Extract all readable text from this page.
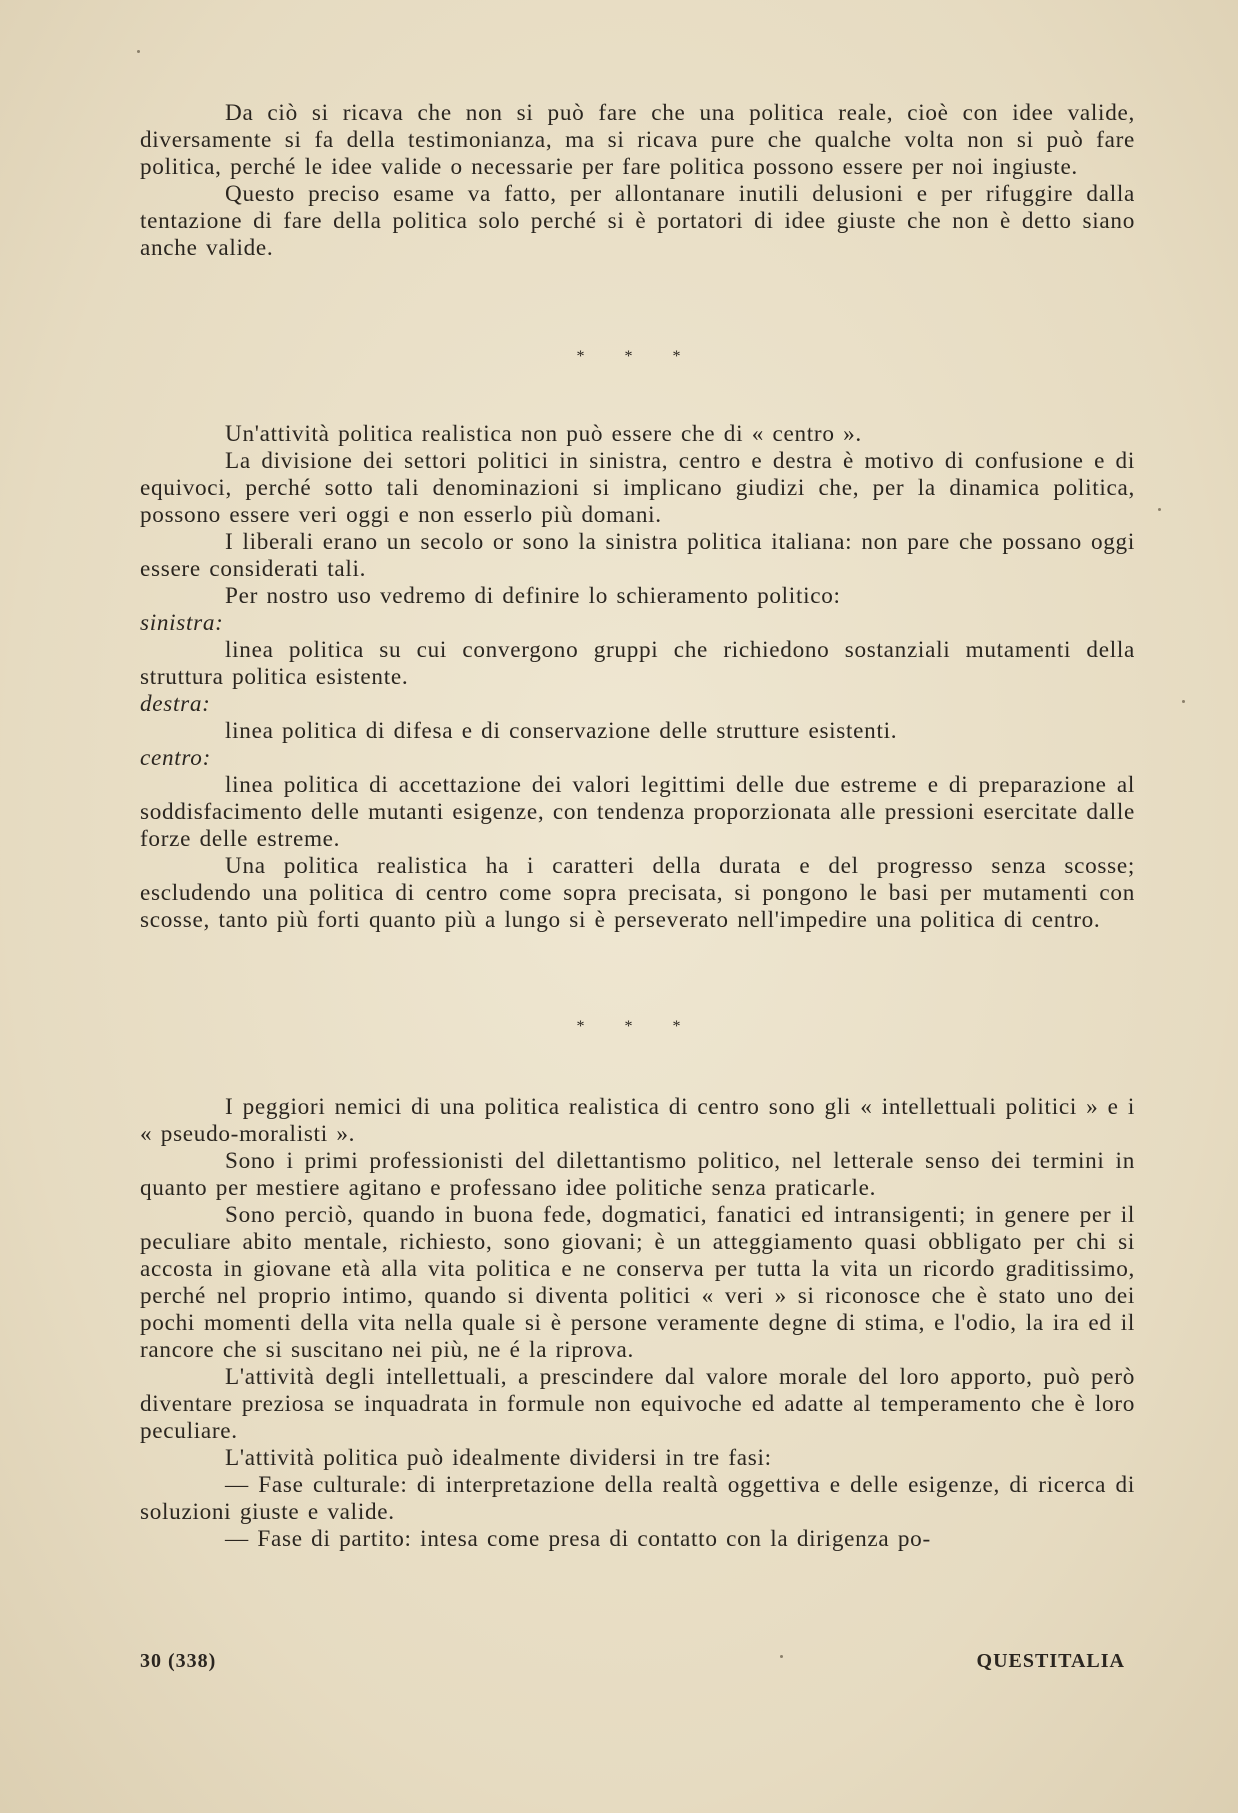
Da ciò si ricava che non si può fare che una politica reale, cioè con idee valide, diversamente si fa della testimonianza, ma si ricava pure che qualche volta non si può fare politica, perché le idee valide o necessarie per fare politica possono essere per noi ingiuste.

Questo preciso esame va fatto, per allontanare inutili delusioni e per rifuggire dalla tentazione di fare della politica solo perché si è portatori di idee giuste che non è detto siano anche valide.

* * *

Un'attività politica realistica non può essere che di « centro ».

La divisione dei settori politici in sinistra, centro e destra è motivo di confusione e di equivoci, perché sotto tali denominazioni si implicano giudizi che, per la dinamica politica, possono essere veri oggi e non esserlo più domani.

I liberali erano un secolo or sono la sinistra politica italiana: non pare che possano oggi essere considerati tali.

Per nostro uso vedremo di definire lo schieramento politico:

sinistra:

linea politica su cui convergono gruppi che richiedono sostanziali mutamenti della struttura politica esistente.

destra:

linea politica di difesa e di conservazione delle strutture esistenti.

centro:

linea politica di accettazione dei valori legittimi delle due estreme e di preparazione al soddisfacimento delle mutanti esigenze, con tendenza proporzionata alle pressioni esercitate dalle forze delle estreme.

Una politica realistica ha i caratteri della durata e del progresso senza scosse; escludendo una politica di centro come sopra precisata, si pongono le basi per mutamenti con scosse, tanto più forti quanto più a lungo si è perseverato nell'impedire una politica di centro.

* * *

I peggiori nemici di una politica realistica di centro sono gli « intellettuali politici » e i « pseudo-moralisti ».

Sono i primi professionisti del dilettantismo politico, nel letterale senso dei termini in quanto per mestiere agitano e professano idee politiche senza praticarle.

Sono perciò, quando in buona fede, dogmatici, fanatici ed intransigenti; in genere per il peculiare abito mentale, richiesto, sono giovani; è un atteggiamento quasi obbligato per chi si accosta in giovane età alla vita politica e ne conserva per tutta la vita un ricordo graditissimo, perché nel proprio intimo, quando si diventa politici « veri » si riconosce che è stato uno dei pochi momenti della vita nella quale si è persone veramente degne di stima, e l'odio, la ira ed il rancore che si suscitano nei più, ne é la riprova.

L'attività degli intellettuali, a prescindere dal valore morale del loro apporto, può però diventare preziosa se inquadrata in formule non equivoche ed adatte al temperamento che è loro peculiare.

L'attività politica può idealmente dividersi in tre fasi:

— Fase culturale: di interpretazione della realtà oggettiva e delle esigenze, di ricerca di soluzioni giuste e valide.

— Fase di partito: intesa come presa di contatto con la dirigenza po-

30 (338)	QUESTITALIA
